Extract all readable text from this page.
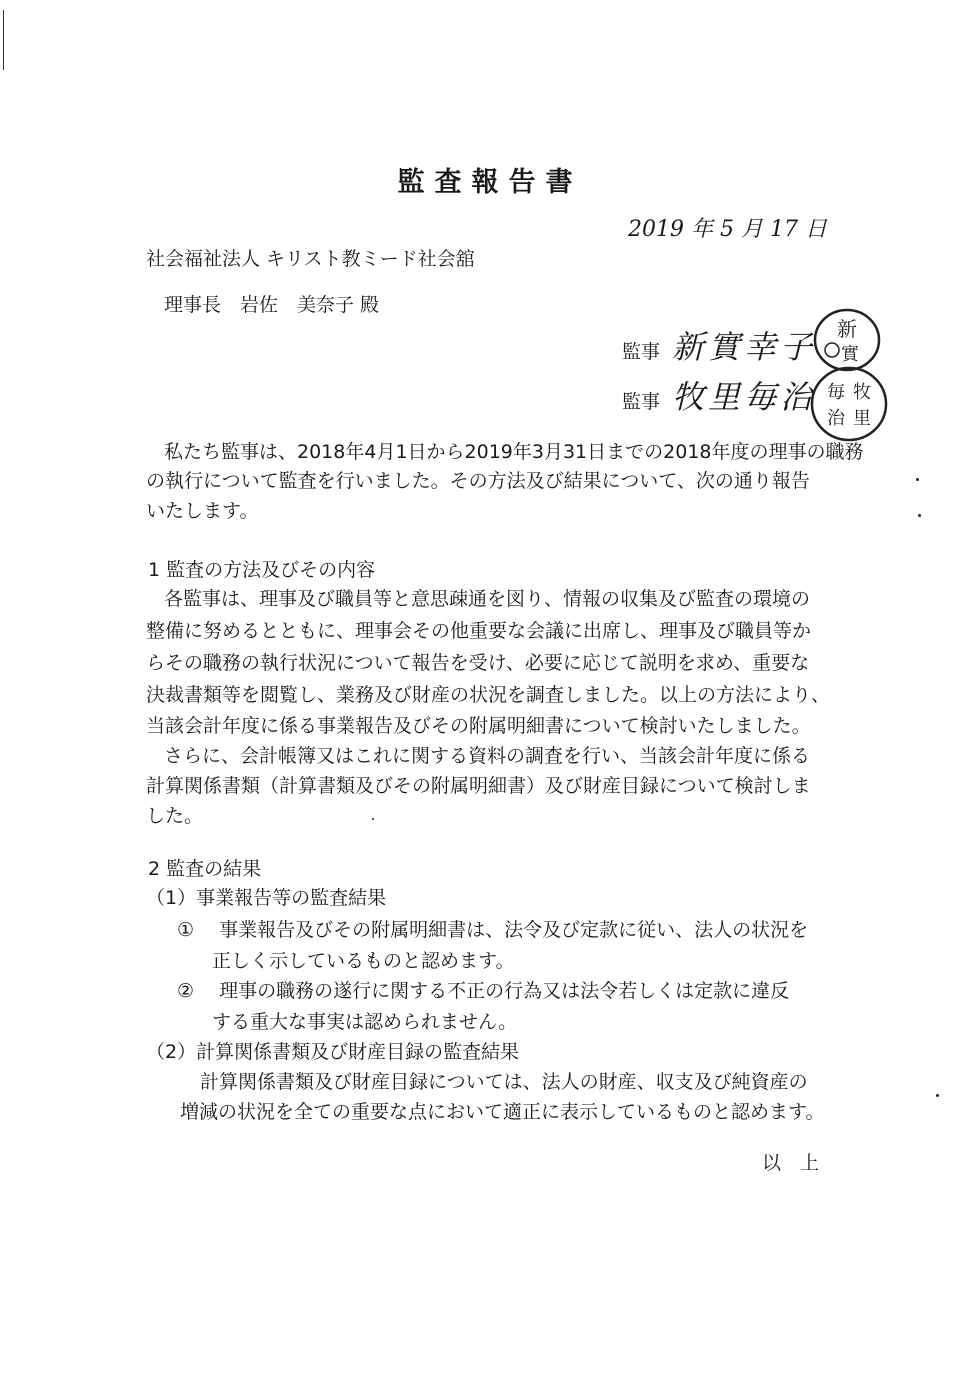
監査報告書
2019 年 5 月 17 日
社会福祉法人 キリスト教ミード社会舘
理事長　岩佐　美奈子 殿
監事 新實幸子 新
實
監事 牧里毎治 毎 牧
治 里
私たち監事は、2018年4月1日から2019年3月31日までの2018年度の理事の職務
の執行について監査を行いました。その方法及び結果について、次の通り報告
いたします。
1 監査の方法及びその内容
各監事は、理事及び職員等と意思疎通を図り、情報の収集及び監査の環境の
整備に努めるとともに、理事会その他重要な会議に出席し、理事及び職員等か
らその職務の執行状況について報告を受け、必要に応じて説明を求め、重要な
決裁書類等を閲覧し、業務及び財産の状況を調査しました。以上の方法により、
当該会計年度に係る事業報告及びその附属明細書について検討いたしました。
さらに、会計帳簿又はこれに関する資料の調査を行い、当該会計年度に係る
計算関係書類（計算書類及びその附属明細書）及び財産目録について検討しま
した。
2 監査の結果
（1）事業報告等の監査結果
①　 事業報告及びその附属明細書は、法令及び定款に従い、法人の状況を
正しく示しているものと認めます。
②　 理事の職務の遂行に関する不正の行為又は法令若しくは定款に違反
する重大な事実は認められません。
（2）計算関係書類及び財産目録の監査結果
計算関係書類及び財産目録については、法人の財産、収支及び純資産の
増減の状況を全ての重要な点において適正に表示しているものと認めます。
以　上
